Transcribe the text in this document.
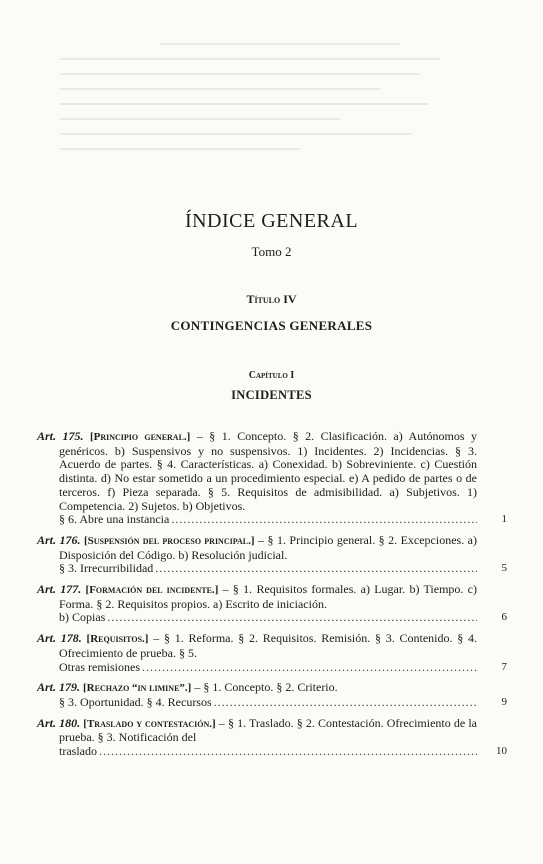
ÍNDICE GENERAL
Tomo 2
Título IV
CONTINGENCIAS GENERALES
Capítulo I
INCIDENTES
Art. 175. [Principio general.] – § 1. Concepto. § 2. Clasificación. a) Autónomos y genéricos. b) Suspensivos y no suspensivos. 1) Incidentes. 2) Incidencias. § 3. Acuerdo de partes. § 4. Características. a) Conexidad. b) Sobreviniente. c) Cuestión distinta. d) No estar sometido a un procedimiento especial. e) A pedido de partes o de terceros. f) Pieza separada. § 5. Requisitos de admisibilidad. a) Subjetivos. 1) Competencia. 2) Sujetos. b) Objetivos.
§ 6. Abre una instancia .....	1
Art. 176. [Suspensión del proceso principal.] – § 1. Principio general. § 2. Excepciones. a) Disposición del Código. b) Resolución judicial.
§ 3. Irrecurribilidad .....	5
Art. 177. [Formación del incidente.] – § 1. Requisitos formales. a) Lugar. b) Tiempo. c) Forma. § 2. Requisitos propios. a) Escrito de iniciación.
b) Copias .....	6
Art. 178. [Requisitos.] – § 1. Reforma. § 2. Requisitos. Remisión. § 3. Contenido. § 4. Ofrecimiento de prueba. § 5.
Otras remisiones .....	7
Art. 179. [Rechazo “in limine”.] – § 1. Concepto. § 2. Criterio.
§ 3. Oportunidad. § 4. Recursos .....	9
Art. 180. [Traslado y contestación.] – § 1. Traslado. § 2. Contestación. Ofrecimiento de la prueba. § 3. Notificación del
traslado .....	10
